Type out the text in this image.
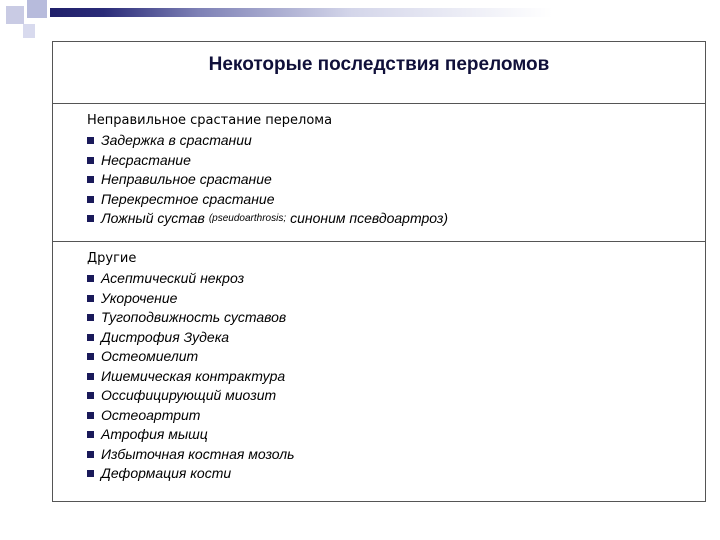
Некоторые последствия переломов
Неправильное срастание перелома
Задержка в срастании
Несрастание
Неправильное срастание
Перекрестное срастание
Ложный сустав (pseudoarthrosis; синоним псевдоартроз)
Другие
Асептический некроз
Укорочение
Тугоподвижность суставов
Дистрофия Зудека
Остеомиелит
Ишемическая контрактура
Оссифицирующий миозит
Остеоартрит
Атрофия мышц
Избыточная костная мозоль
Деформация кости
